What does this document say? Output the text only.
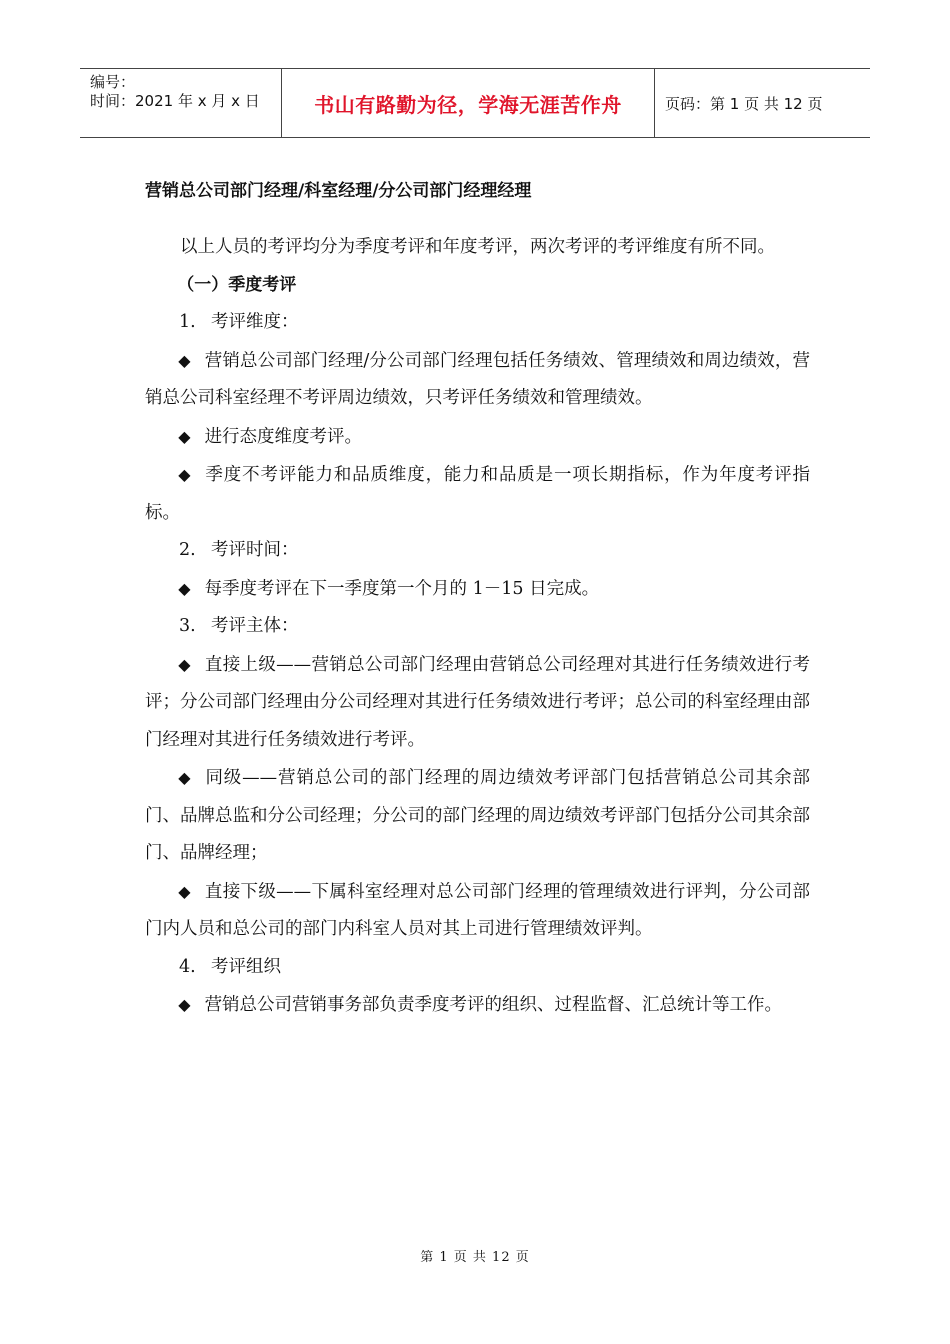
编号：
时间：2021 年 x 月 x 日	书山有路勤为径，学海无涯苦作舟	页码：第 1 页 共 12 页
营销总公司部门经理/科室经理/分公司部门经理经理

以上人员的考评均分为季度考评和年度考评，两次考评的考评维度有所不同。

（一）季度考评

1. 考评维度：

◆ 营销总公司部门经理/分公司部门经理包括任务绩效、管理绩效和周边绩效，营销总公司科室经理不考评周边绩效，只考评任务绩效和管理绩效。

◆ 进行态度维度考评。

◆ 季度不考评能力和品质维度，能力和品质是一项长期指标，作为年度考评指标。

2. 考评时间：

◆ 每季度考评在下一季度第一个月的 1－15 日完成。

3. 考评主体：

◆ 直接上级——营销总公司部门经理由营销总公司经理对其进行任务绩效进行考评；分公司部门经理由分公司经理对其进行任务绩效进行考评；总公司的科室经理由部门经理对其进行任务绩效进行考评。

◆ 同级——营销总公司的部门经理的周边绩效考评部门包括营销总公司其余部门、品牌总监和分公司经理；分公司的部门经理的周边绩效考评部门包括分公司其余部门、品牌经理；

◆ 直接下级——下属科室经理对总公司部门经理的管理绩效进行评判，分公司部门内人员和总公司的部门内科室人员对其上司进行管理绩效评判。

4. 考评组织

◆ 营销总公司营销事务部负责季度考评的组织、过程监督、汇总统计等工作。

第 1 页 共 12 页
